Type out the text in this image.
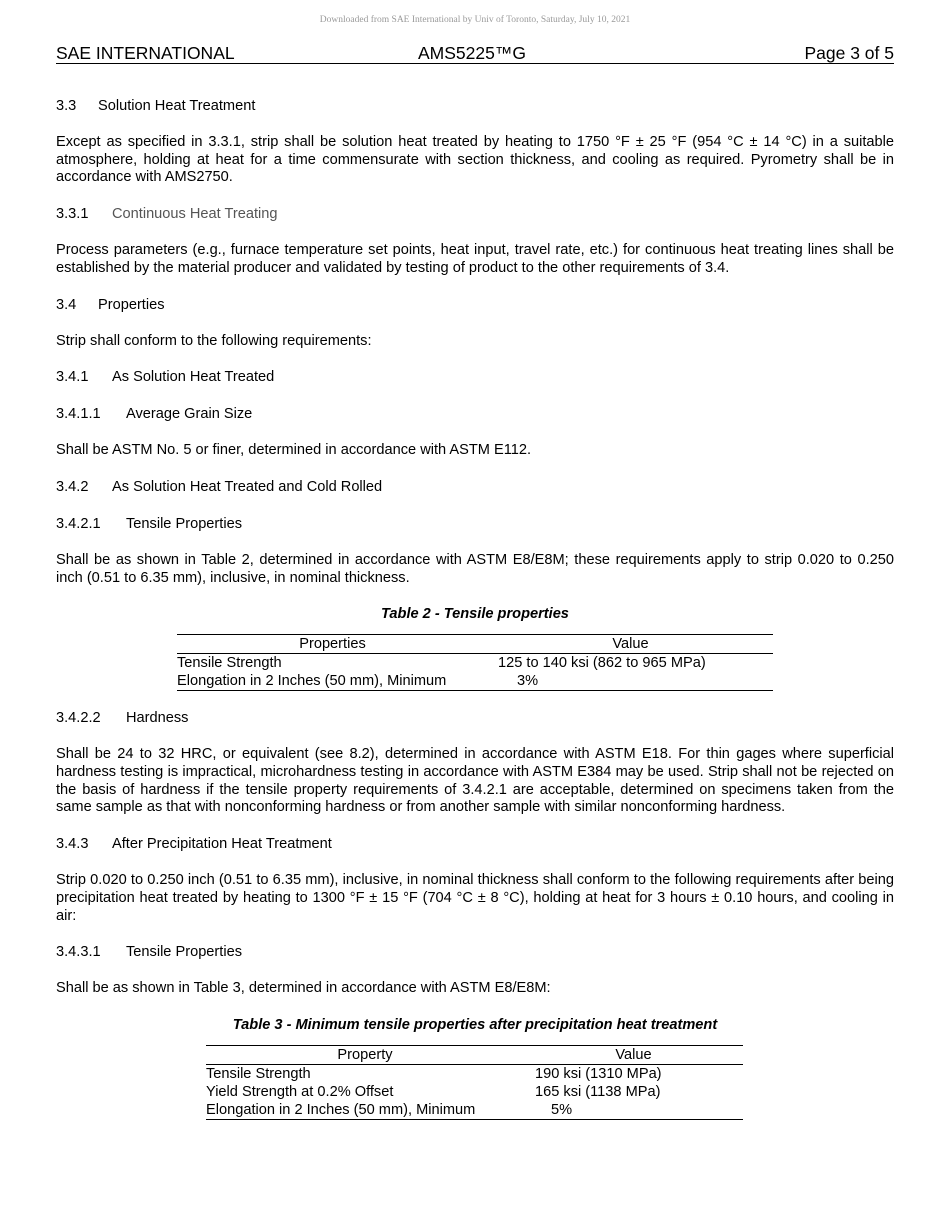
Downloaded from SAE International by Univ of Toronto, Saturday, July 10, 2021
SAE INTERNATIONAL	AMS5225™G	Page 3 of 5
3.3 Solution Heat Treatment

Except as specified in 3.3.1, strip shall be solution heat treated by heating to 1750 °F ± 25 °F (954 °C ± 14 °C) in a suitable atmosphere, holding at heat for a time commensurate with section thickness, and cooling as required. Pyrometry shall be in accordance with AMS2750.

3.3.1 Continuous Heat Treating

Process parameters (e.g., furnace temperature set points, heat input, travel rate, etc.) for continuous heat treating lines shall be established by the material producer and validated by testing of product to the other requirements of 3.4.

3.4 Properties

Strip shall conform to the following requirements:

3.4.1 As Solution Heat Treated
3.4.1.1 Average Grain Size

Shall be ASTM No. 5 or finer, determined in accordance with ASTM E112.

3.4.2 As Solution Heat Treated and Cold Rolled
3.4.2.1 Tensile Properties

Shall be as shown in Table 2, determined in accordance with ASTM E8/E8M; these requirements apply to strip 0.020 to 0.250 inch (0.51 to 6.35 mm), inclusive, in nominal thickness.

Table 2 - Tensile properties
Properties	Value
Tensile Strength	125 to 140 ksi (862 to 965 MPa)
Elongation in 2 Inches (50 mm), Minimum	3%
3.4.2.2 Hardness

Shall be 24 to 32 HRC, or equivalent (see 8.2), determined in accordance with ASTM E18. For thin gages where superficial hardness testing is impractical, microhardness testing in accordance with ASTM E384 may be used. Strip shall not be rejected on the basis of hardness if the tensile property requirements of 3.4.2.1 are acceptable, determined on specimens taken from the same sample as that with nonconforming hardness or from another sample with similar nonconforming hardness.

3.4.3 After Precipitation Heat Treatment

Strip 0.020 to 0.250 inch (0.51 to 6.35 mm), inclusive, in nominal thickness shall conform to the following requirements after being precipitation heat treated by heating to 1300 °F ± 15 °F (704 °C ± 8 °C), holding at heat for 3 hours ± 0.10 hours, and cooling in air:

3.4.3.1 Tensile Properties

Shall be as shown in Table 3, determined in accordance with ASTM E8/E8M:

Table 3 - Minimum tensile properties after precipitation heat treatment
Property	Value
Tensile Strength	190 ksi (1310 MPa)
Yield Strength at 0.2% Offset	165 ksi (1138 MPa)
Elongation in 2 Inches (50 mm), Minimum	5%
